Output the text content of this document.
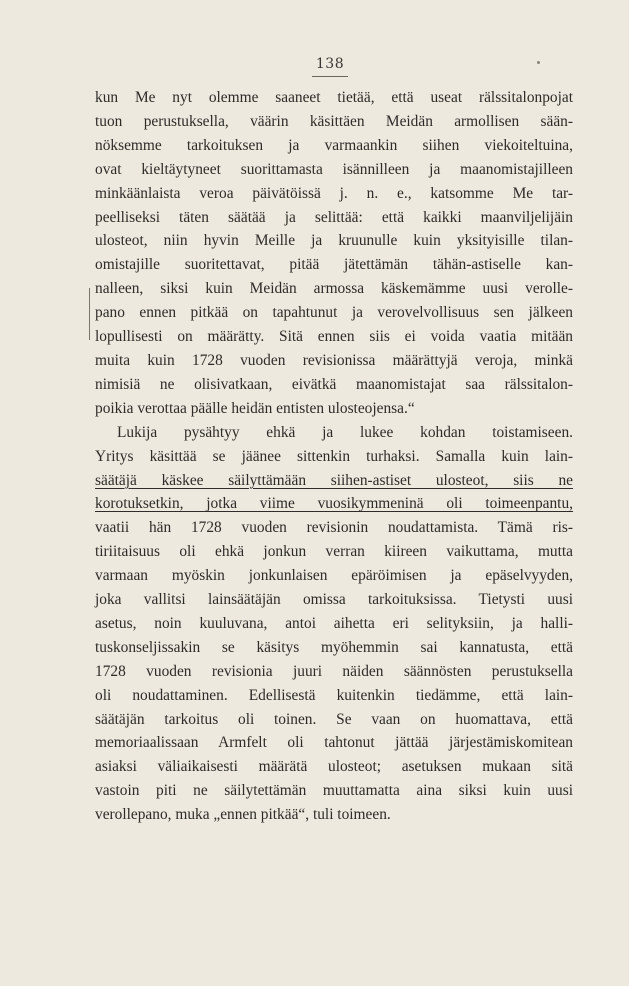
138
kun Me nyt olemme saaneet tietää, että useat rälssitalonpojat
tuon perustuksella, väärin käsittäen Meidän armollisen sään-
nöksemme tarkoituksen ja varmaankin siihen viekoiteltuina,
ovat kieltäytyneet suorittamasta isännilleen ja maanomistajilleen
minkäänlaista veroa päivätöissä j. n. e., katsomme Me tar-
peelliseksi täten säätää ja selittää: että kaikki maanviljelijäin
ulosteot, niin hyvin Meille ja kruunulle kuin yksityisille tilan-
omistajille suoritettavat, pitää jätettämän tähän-astiselle kan-
nalleen, siksi kuin Meidän armossa käskemämme uusi verolle-
pano ennen pitkää on tapahtunut ja verovelvollisuus sen jälkeen
lopullisesti on määrätty. Sitä ennen siis ei voida vaatia mitään
muita kuin 1728 vuoden revisionissa määrättyjä veroja, minkä
nimisiä ne olisivatkaan, eivätkä maanomistajat saa rälssitalon-
poikia verottaa päälle heidän entisten ulosteojensa.“
Lukija pysähtyy ehkä ja lukee kohdan toistamiseen.
Yritys käsittää se jäänee sittenkin turhaksi. Samalla kuin lain-
säätäjä käskee säilyttämään siihen-astiset ulosteot, siis ne
korotuksetkin, jotka viime vuosikymmeninä oli toimeenpantu,
vaatii hän 1728 vuoden revisionin noudattamista. Tämä ris-
tiriitaisuus oli ehkä jonkun verran kiireen vaikuttama, mutta
varmaan myöskin jonkunlaisen epäröimisen ja epäselvyyden,
joka vallitsi lainsäätäjän omissa tarkoituksissa. Tietysti uusi
asetus, noin kuuluvana, antoi aihetta eri selityksiin, ja halli-
tuskonseljissakin se käsitys myöhemmin sai kannatusta, että
1728 vuoden revisionia juuri näiden säännösten perustuksella
oli noudattaminen. Edellisestä kuitenkin tiedämme, että lain-
säätäjän tarkoitus oli toinen. Se vaan on huomattava, että
memoriaalissaan Armfelt oli tahtonut jättää järjestämiskomitean
asiaksi väliaikaisesti määrätä ulosteot; asetuksen mukaan sitä
vastoin piti ne säilytettämän muuttamatta aina siksi kuin uusi
verollepano, muka „ennen pitkää“, tuli toimeen.
